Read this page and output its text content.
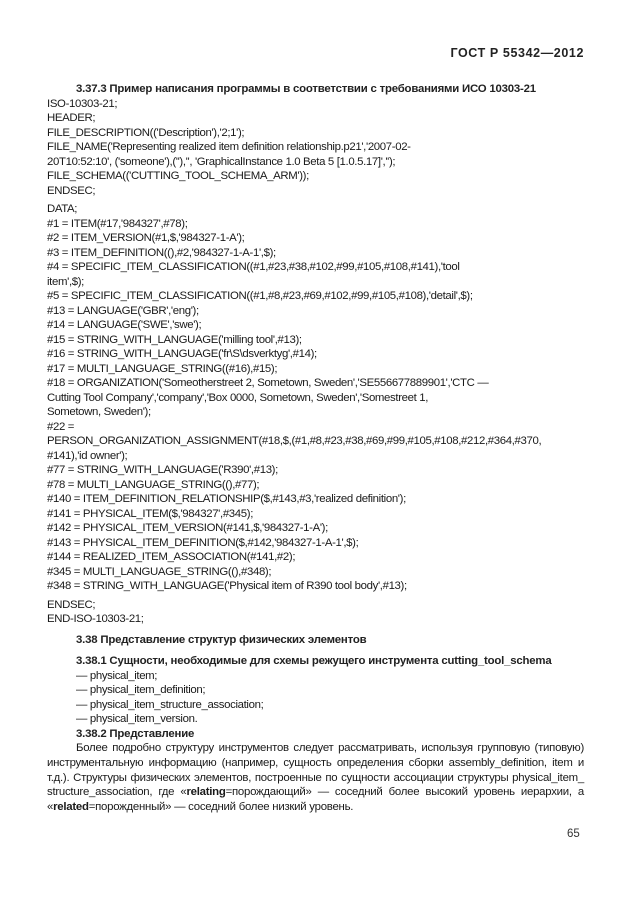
ГОСТ Р 55342—2012
3.37.3 Пример написания программы в соответствии с требованиями ИСО 10303-21
ISO-10303-21;
HEADER;
FILE_DESCRIPTION(('Description'),'2;1');
FILE_NAME('Representing realized item definition relationship.p21','2007-02-
20T10:52:10', ('someone'),(''),'', 'GraphicalInstance 1.0 Beta 5 [1.0.5.17]','');
FILE_SCHEMA(('CUTTING_TOOL_SCHEMA_ARM'));
ENDSEC;
DATA;
#1 = ITEM(#17,'984327',#78);
#2 = ITEM_VERSION(#1,$,'984327-1-A');
#3 = ITEM_DEFINITION((),#2,'984327-1-A-1',$);
#4 = SPECIFIC_ITEM_CLASSIFICATION((#1,#23,#38,#102,#99,#105,#108,#141),'tool
item',$);
#5 = SPECIFIC_ITEM_CLASSIFICATION((#1,#8,#23,#69,#102,#99,#105,#108),'detail',$);
#13 = LANGUAGE('GBR','eng');
#14 = LANGUAGE('SWE','swe');
#15 = STRING_WITH_LANGUAGE('milling tool',#13);
#16 = STRING_WITH_LANGUAGE('fr\S\dsverktyg',#14);
#17 = MULTI_LANGUAGE_STRING((#16),#15);
#18 = ORGANIZATION('Someotherstreet 2, Sometown, Sweden','SE556677889901','CTC —
Cutting Tool Company','company','Box 0000, Sometown, Sweden','Somestreet 1,
Sometown, Sweden');
#22 =
PERSON_ORGANIZATION_ASSIGNMENT(#18,$,(#1,#8,#23,#38,#69,#99,#105,#108,#212,#364,#370,
#141),'id owner');
#77 = STRING_WITH_LANGUAGE('R390',#13);
#78 = MULTI_LANGUAGE_STRING((),#77);
#140 = ITEM_DEFINITION_RELATIONSHIP($,#143,#3,'realized definition');
#141 = PHYSICAL_ITEM($,'984327',#345);
#142 = PHYSICAL_ITEM_VERSION(#141,$,'984327-1-A');
#143 = PHYSICAL_ITEM_DEFINITION($,#142,'984327-1-A-1',$);
#144 = REALIZED_ITEM_ASSOCIATION(#141,#2);
#345 = MULTI_LANGUAGE_STRING((),#348);
#348 = STRING_WITH_LANGUAGE('Physical item of R390 tool body',#13);
ENDSEC;
END-ISO-10303-21;
3.38 Представление структур физических элементов
3.38.1 Сущности, необходимые для схемы режущего инструмента cutting_tool_schema
— physical_item;
— physical_item_definition;
— physical_item_structure_association;
— physical_item_version.
3.38.2 Представление
Более подробно структуру инструментов следует рассматривать, используя групповую (типовую) инструментальную информацию (например, сущность определения сборки assembly_definition, item и т.д.). Структуры физических элементов, построенные по сущности ассоциации структуры physical_item_ structure_association, где «relating=порождающий» — соседний более высокий уровень иерархии, а «related=порожденный» — соседний более низкий уровень.
65
